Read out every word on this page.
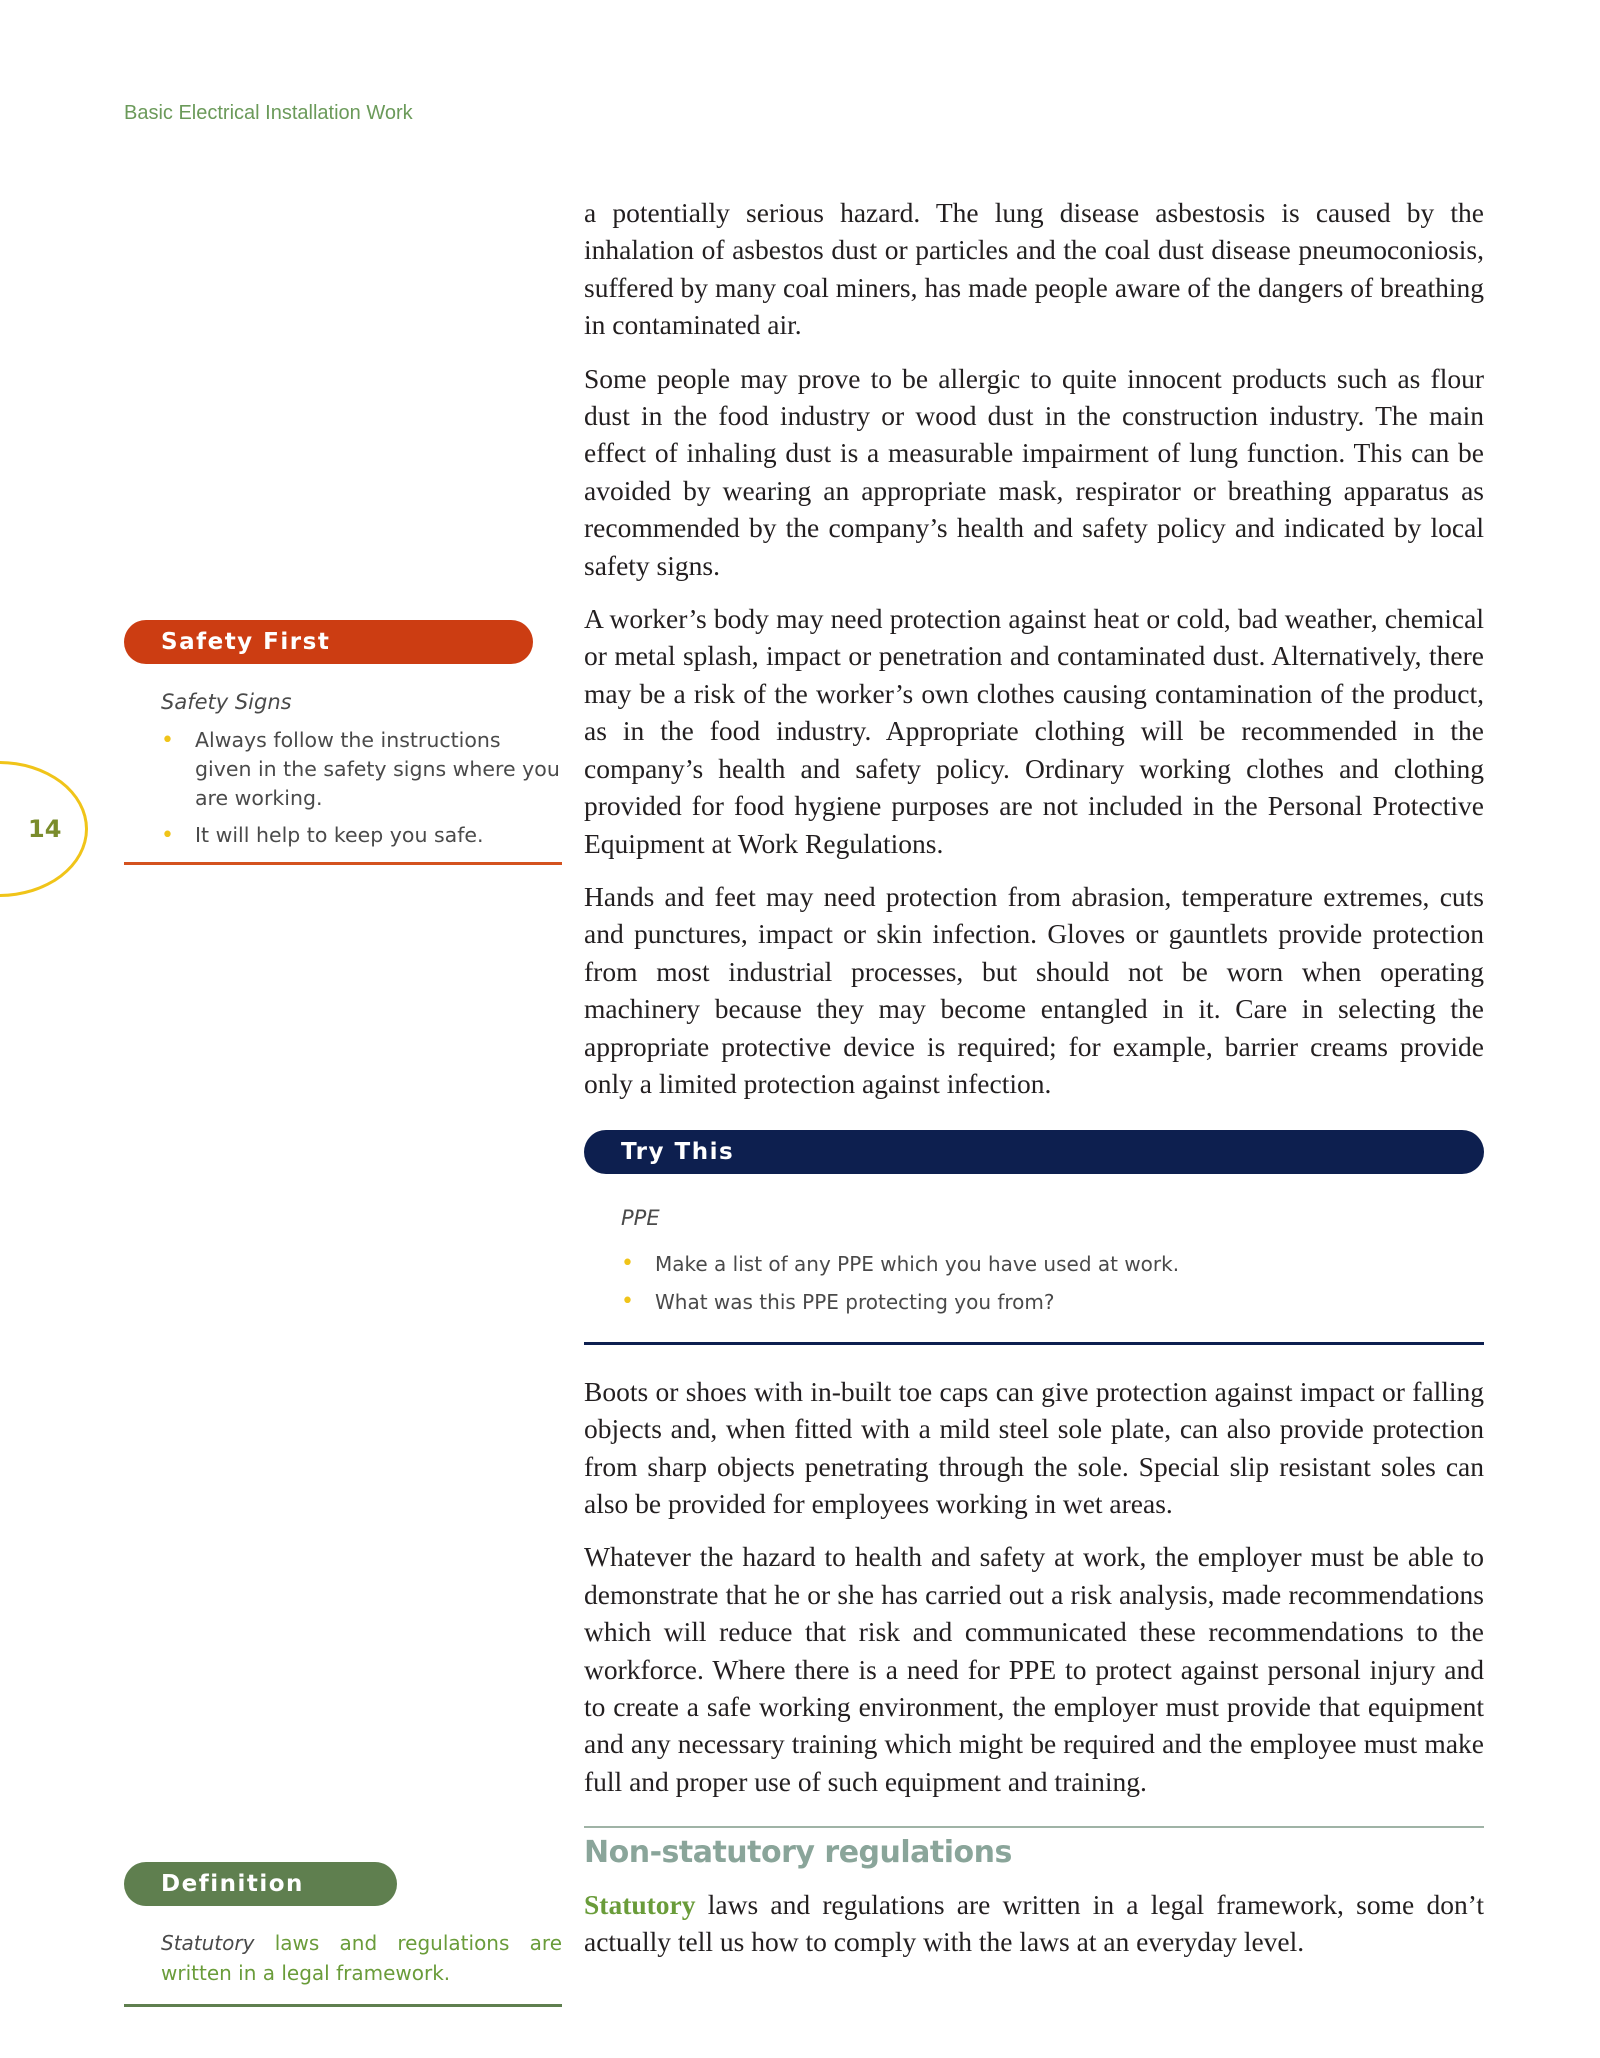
Basic Electrical Installation Work
14

a potentially serious hazard. The lung disease asbestosis is caused by the inhalation of asbestos dust or particles and the coal dust disease pneumoconiosis, suffered by many coal miners, has made people aware of the dangers of breathing in contaminated air.

Some people may prove to be allergic to quite innocent products such as flour dust in the food industry or wood dust in the construction industry. The main effect of inhaling dust is a measurable impairment of lung function. This can be avoided by wearing an appropriate mask, respirator or breathing apparatus as recommended by the company’s health and safety policy and indicated by local safety signs.

A worker’s body may need protection against heat or cold, bad weather, chemical or metal splash, impact or penetration and contaminated dust. Alternatively, there may be a risk of the worker’s own clothes causing contamination of the product, as in the food industry. Appropriate clothing will be recommended in the company’s health and safety policy. Ordinary working clothes and clothing provided for food hygiene purposes are not included in the Personal Protective Equipment at Work Regulations.

Hands and feet may need protection from abrasion, temperature extremes, cuts and punctures, impact or skin infection. Gloves or gauntlets provide protection from most industrial processes, but should not be worn when operating machinery because they may become entangled in it. Care in selecting the appropriate protective device is required; for example, barrier creams provide only a limited protection against infection.

Try This
PPE
• Make a list of any PPE which you have used at work.
• What was this PPE protecting you from?

Boots or shoes with in-built toe caps can give protection against impact or falling objects and, when fitted with a mild steel sole plate, can also provide protection from sharp objects penetrating through the sole. Special slip resistant soles can also be provided for employees working in wet areas.

Whatever the hazard to health and safety at work, the employer must be able to demonstrate that he or she has carried out a risk analysis, made recommendations which will reduce that risk and communicated these recommendations to the workforce. Where there is a need for PPE to protect against personal injury and to create a safe working environment, the employer must provide that equipment and any necessary training which might be required and the employee must make full and proper use of such equipment and training.

Non-statutory regulations

Statutory laws and regulations are written in a legal framework, some don’t actually tell us how to comply with the laws at an everyday level.

Safety First
Safety Signs
• Always follow the instructions given in the safety signs where you are working.
• It will help to keep you safe.
Definition
Statutory laws and regulations are written in a legal framework.
